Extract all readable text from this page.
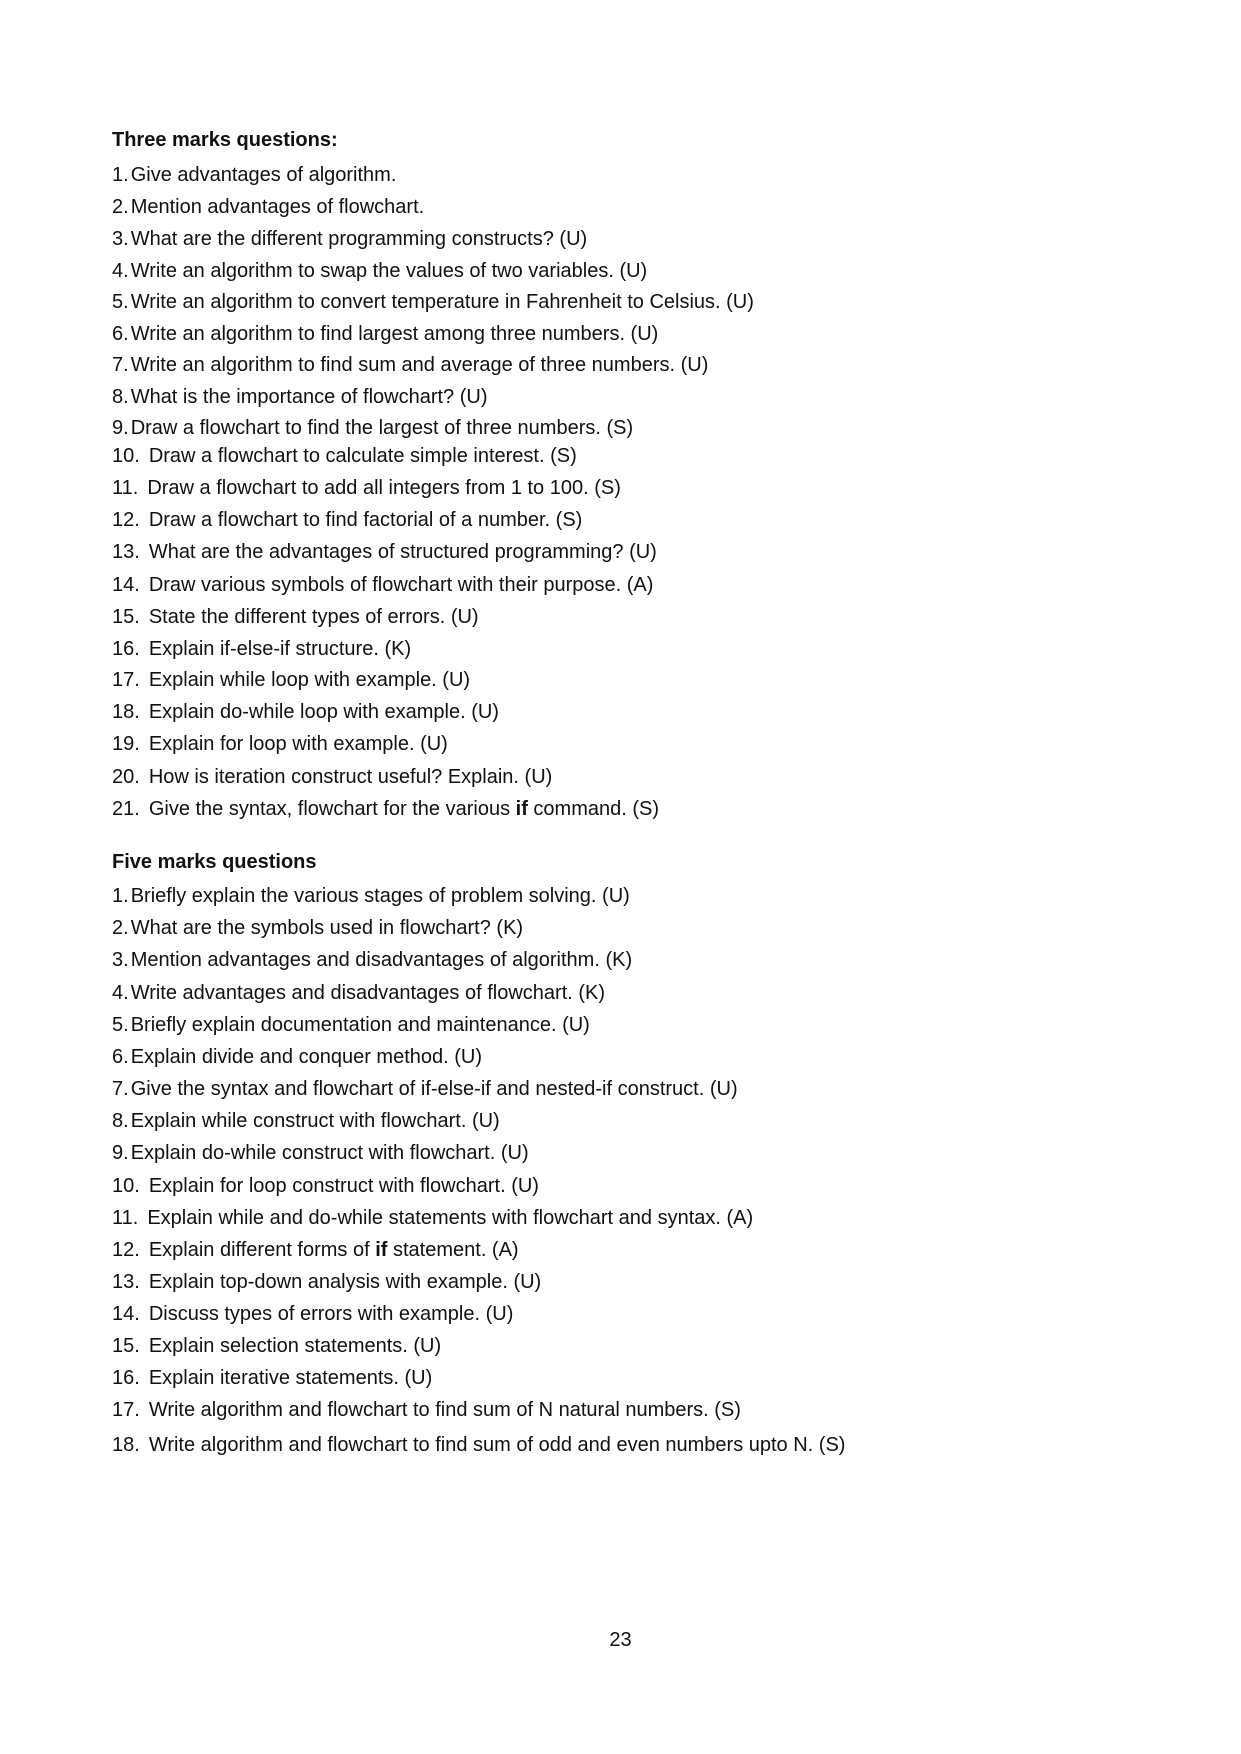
Three marks questions:
1. Give advantages of algorithm.
2. Mention advantages of flowchart.
3. What are the different programming constructs? (U)
4. Write an algorithm to swap the values of two variables. (U)
5. Write an algorithm to convert temperature in Fahrenheit to Celsius. (U)
6. Write an algorithm to find largest among three numbers. (U)
7. Write an algorithm to find sum and average of three numbers. (U)
8. What is the importance of flowchart? (U)
9. Draw a flowchart to find the largest of three numbers. (S)
10. Draw a flowchart to calculate simple interest. (S)
11. Draw a flowchart to add all integers from 1 to 100. (S)
12. Draw a flowchart to find factorial of a number. (S)
13. What are the advantages of structured programming? (U)
14. Draw various symbols of flowchart with their purpose. (A)
15. State the different types of errors. (U)
16. Explain if-else-if structure. (K)
17. Explain while loop with example. (U)
18. Explain do-while loop with example. (U)
19. Explain for loop with example. (U)
20. How is iteration construct useful? Explain. (U)
21. Give the syntax, flowchart for the various if command. (S)
Five marks questions
1. Briefly explain the various stages of problem solving. (U)
2. What are the symbols used in flowchart? (K)
3. Mention advantages and disadvantages of algorithm. (K)
4. Write advantages and disadvantages of flowchart. (K)
5. Briefly explain documentation and maintenance. (U)
6. Explain divide and conquer method. (U)
7. Give the syntax and flowchart of if-else-if and nested-if construct. (U)
8. Explain while construct with flowchart. (U)
9. Explain do-while construct with flowchart. (U)
10. Explain for loop construct with flowchart. (U)
11. Explain while and do-while statements with flowchart and syntax. (A)
12. Explain different forms of if statement. (A)
13. Explain top-down analysis with example. (U)
14. Discuss types of errors with example. (U)
15. Explain selection statements. (U)
16. Explain iterative statements. (U)
17. Write algorithm and flowchart to find sum of N natural numbers. (S)
18. Write algorithm and flowchart to find sum of odd and even numbers upto N. (S)
23
